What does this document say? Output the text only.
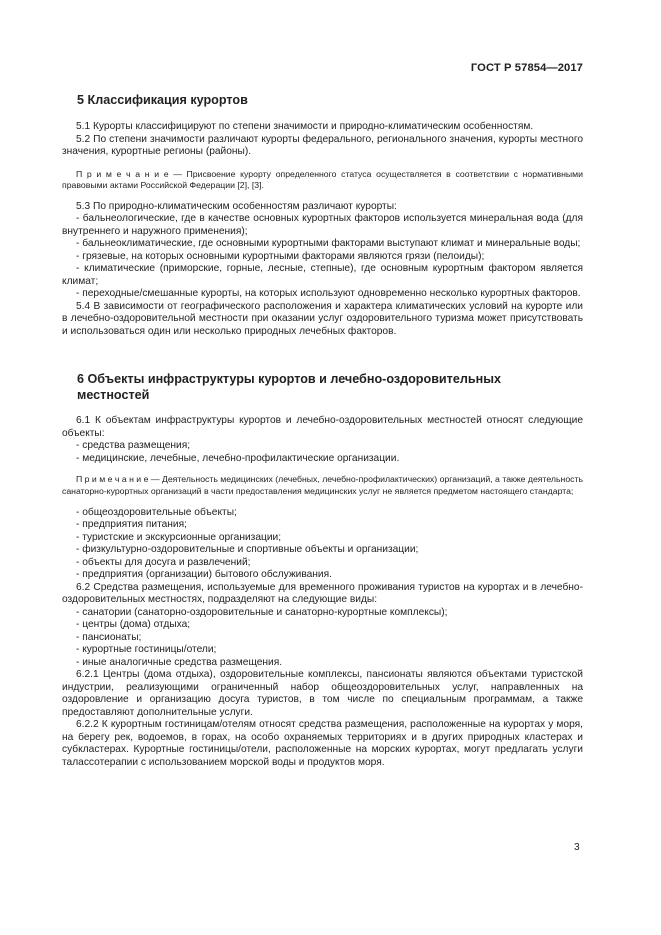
ГОСТ Р 57854—2017
5 Классификация курортов

5.1 Курорты классифицируют по степени значимости и природно-климатическим особенностям.

5.2 По степени значимости различают курорты федерального, регионального значения, курорты местного значения, курортные регионы (районы).

П р и м е ч а н и е — Присвоение курорту определенного статуса осуществляется в соответствии с нормативными правовыми актами Российской Федерации [2], [3].

5.3 По природно-климатическим особенностям различают курорты:

- бальнеологические, где в качестве основных курортных факторов используется минеральная вода (для внутреннего и наружного применения);

- бальнеоклиматические, где основными курортными факторами выступают климат и минеральные воды;

- грязевые, на которых основными курортными факторами являются грязи (пелоиды);

- климатические (приморские, горные, лесные, степные), где основным курортным фактором является климат;

- переходные/смешанные курорты, на которых используют одновременно несколько курортных факторов.

5.4 В зависимости от географического расположения и характера климатических условий на курорте или в лечебно-оздоровительной местности при оказании услуг оздоровительного туризма может присутствовать и использоваться один или несколько природных лечебных факторов.

6 Объекты инфраструктуры курортов и лечебно-оздоровительных
местностей

6.1 К объектам инфраструктуры курортов и лечебно-оздоровительных местностей относят следующие объекты:

- средства размещения;

- медицинские, лечебные, лечебно-профилактические организации.

П р и м е ч а н и е — Деятельность медицинских (лечебных, лечебно-профилактических) организаций, а также деятельность санаторно-курортных организаций в части предоставления медицинских услуг не является предметом настоящего стандарта;

- общеоздоровительные объекты;

- предприятия питания;

- туристские и экскурсионные организации;

- физкультурно-оздоровительные и спортивные объекты и организации;

- объекты для досуга и развлечений;

- предприятия (организации) бытового обслуживания.

6.2 Средства размещения, используемые для временного проживания туристов на курортах и в лечебно-оздоровительных местностях, подразделяют на следующие виды:

- санатории (санаторно-оздоровительные и санаторно-курортные комплексы);

- центры (дома) отдыха;

- пансионаты;

- курортные гостиницы/отели;

- иные аналогичные средства размещения.

6.2.1 Центры (дома отдыха), оздоровительные комплексы, пансионаты являются объектами туристской индустрии, реализующими ограниченный набор общеоздоровительных услуг, направленных на оздоровление и организацию досуга туристов, в том числе по специальным программам, а также предоставляют дополнительные услуги.

6.2.2 К курортным гостиницам/отелям относят средства размещения, расположенные на курортах у моря, на берегу рек, водоемов, в горах, на особо охраняемых территориях и в других природных кластерах и субкластерах. Курортные гостиницы/отели, расположенные на морских курортах, могут предлагать услуги талассотерапии с использованием морской воды и продуктов моря.

3
